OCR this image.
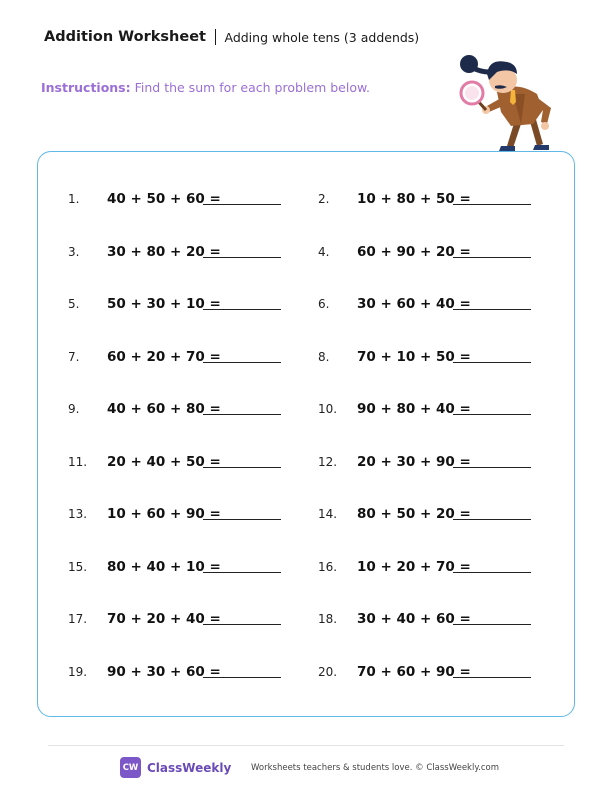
Addition Worksheet Adding whole tens (3 addends)
Instructions: Find the sum for each problem below.
1. 40 + 50 + 60 =	2. 10 + 80 + 50 =
3. 30 + 80 + 20 =	4. 60 + 90 + 20 =
5. 50 + 30 + 10 =	6. 30 + 60 + 40 =
7. 60 + 20 + 70 =	8. 70 + 10 + 50 =
9. 40 + 60 + 80 =	10. 90 + 80 + 40 =
11. 20 + 40 + 50 =	12. 20 + 30 + 90 =
13. 10 + 60 + 90 =	14. 80 + 50 + 20 =
15. 80 + 40 + 10 =	16. 10 + 20 + 70 =
17. 70 + 20 + 40 =	18. 30 + 40 + 60 =
19. 90 + 30 + 60 =	20. 70 + 60 + 90 =
CW ClassWeekly Worksheets teachers & students love. © ClassWeekly.com
